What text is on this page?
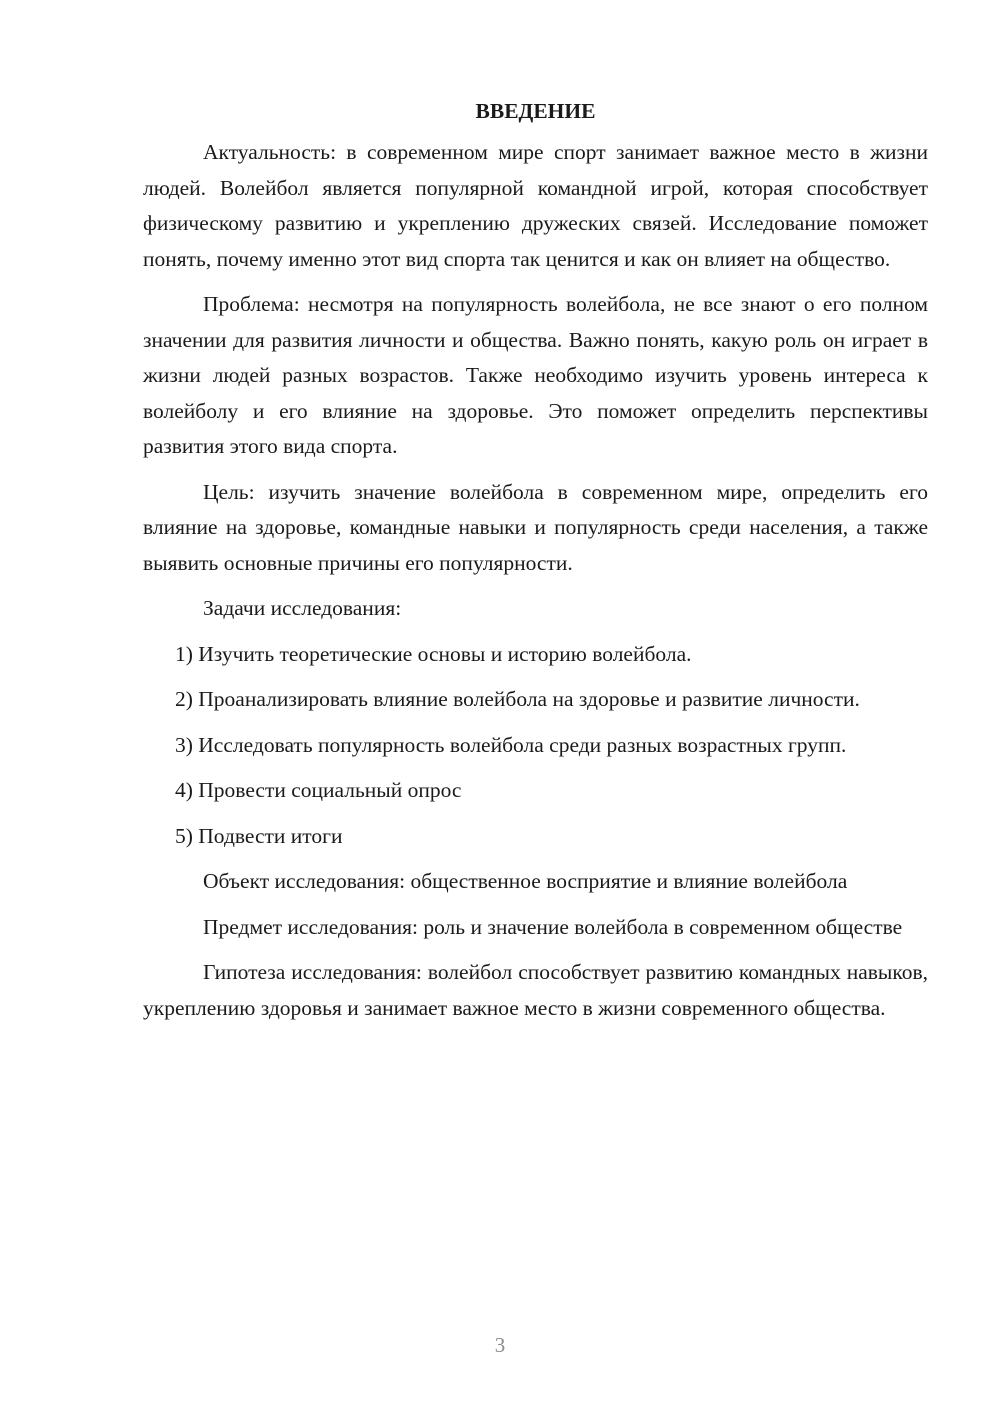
ВВЕДЕНИЕ

Актуальность: в современном мире спорт занимает важное место в жизни людей. Волейбол является популярной командной игрой, которая способствует физическому развитию и укреплению дружеских связей. Исследование поможет понять, почему именно этот вид спорта так ценится и как он влияет на общество.

Проблема: несмотря на популярность волейбола, не все знают о его полном значении для развития личности и общества. Важно понять, какую роль он играет в жизни людей разных возрастов. Также необходимо изучить уровень интереса к волейболу и его влияние на здоровье. Это поможет определить перспективы развития этого вида спорта.

Цель: изучить значение волейбола в современном мире, определить его влияние на здоровье, командные навыки и популярность среди населения, а также выявить основные причины его популярности.

Задачи исследования:

1) Изучить теоретические основы и историю волейбола.

2) Проанализировать влияние волейбола на здоровье и развитие личности.

3) Исследовать популярность волейбола среди разных возрастных групп.

4) Провести социальный опрос

5) Подвести итоги

Объект исследования: общественное восприятие и влияние волейбола

Предмет исследования: роль и значение волейбола в современном обществе

Гипотеза исследования: волейбол способствует развитию командных навыков, укреплению здоровья и занимает важное место в жизни современного общества.

3
